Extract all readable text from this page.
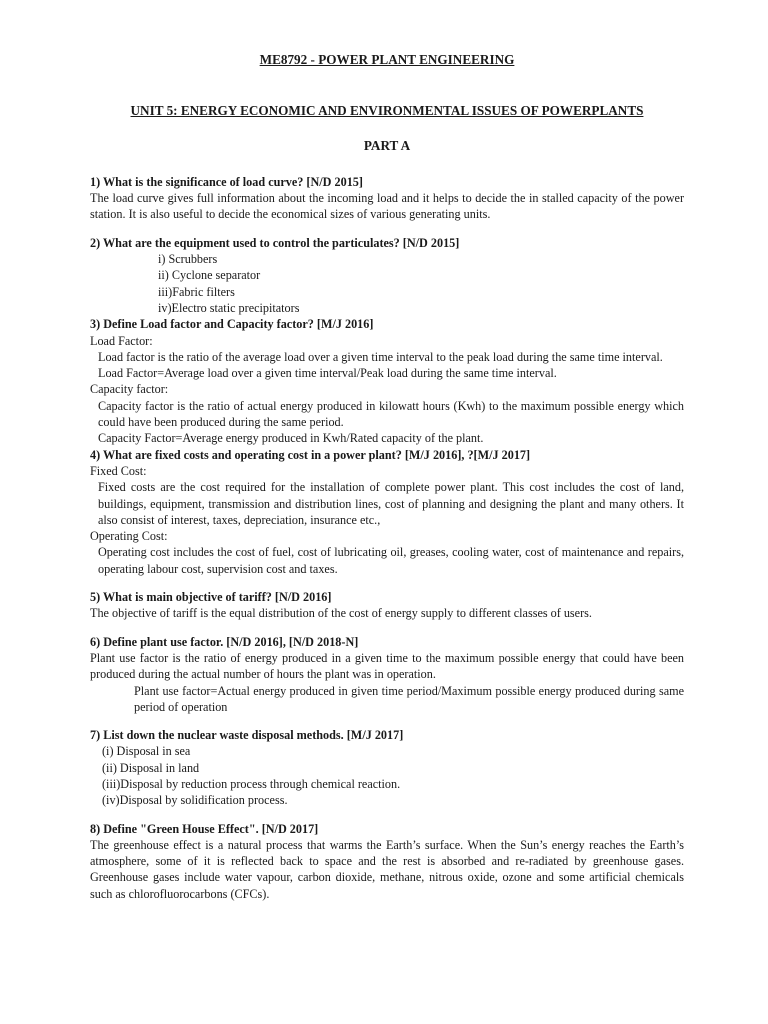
ME8792 - POWER PLANT ENGINEERING
UNIT 5: ENERGY ECONOMIC AND ENVIRONMENTAL ISSUES OF POWERPLANTS
PART A

1) What is the significance of load curve? [N/D 2015]

The load curve gives full information about the incoming load and it helps to decide the in stalled capacity of the power station. It is also useful to decide the economical sizes of various generating units.

2) What are the equipment used to control the particulates? [N/D 2015]

i) Scrubbers
ii) Cyclone separator
iii)Fabric filters
iv)Electro static precipitators

3) Define Load factor and Capacity factor? [M/J 2016]

Load Factor:

Load factor is the ratio of the average load over a given time interval to the peak load during the same time interval.

Load Factor=Average load over a given time interval/Peak load during the same time interval.

Capacity factor:

Capacity factor is the ratio of actual energy produced in kilowatt hours (Kwh) to the maximum possible energy which could have been produced during the same period.

Capacity Factor=Average energy produced in Kwh/Rated capacity of the plant.

4) What are fixed costs and operating cost in a power plant? [M/J 2016], ?[M/J 2017]

Fixed Cost:

Fixed costs are the cost required for the installation of complete power plant. This cost includes the cost of land, buildings, equipment, transmission and distribution lines, cost of planning and designing the plant and many others. It also consist of interest, taxes, depreciation, insurance etc.,

Operating Cost:

Operating cost includes the cost of fuel, cost of lubricating oil, greases, cooling water, cost of maintenance and repairs, operating labour cost, supervision cost and taxes.

5) What is main objective of tariff? [N/D 2016]

The objective of tariff is the equal distribution of the cost of energy supply to different classes of users.

6) Define plant use factor. [N/D 2016], [N/D 2018-N]

Plant use factor is the ratio of energy produced in a given time to the maximum possible energy that could have been produced during the actual number of hours the plant was in operation.

Plant use factor=Actual energy produced in given time period/Maximum possible energy produced during same period of operation

7) List down the nuclear waste disposal methods. [M/J 2017]

(i) Disposal in sea
(ii) Disposal in land
(iii)Disposal by reduction process through chemical reaction.
(iv)Disposal by solidification process.

8) Define "Green House Effect". [N/D 2017]

The greenhouse effect is a natural process that warms the Earth’s surface. When the Sun’s energy reaches the Earth’s atmosphere, some of it is reflected back to space and the rest is absorbed and re-radiated by greenhouse gases. Greenhouse gases include water vapour, carbon dioxide, methane, nitrous oxide, ozone and some artificial chemicals such as chlorofluorocarbons (CFCs).
